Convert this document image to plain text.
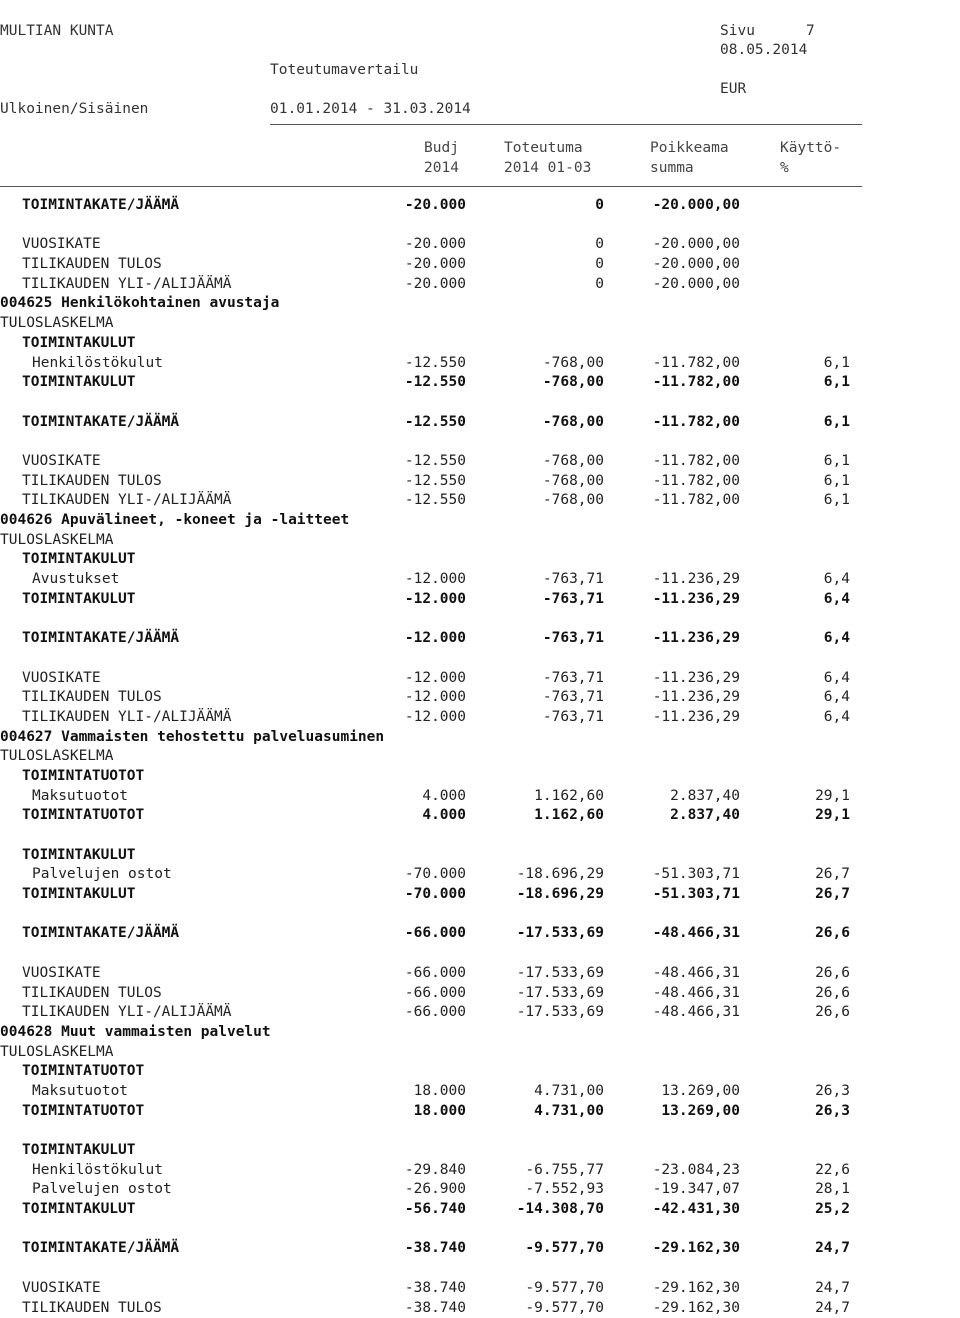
MULTIAN KUNTA
Toteutumavertailu
Sivu	7
08.05.2014
EUR
Ulkoinen/Sisäinen	01.01.2014 - 31.03.2014
Budj
2014
Toteutuma
2014 01-03
Poikkeama
summa
Käyttö-
%
TOIMINTAKATE/JÄÄMÄ	-20.000	0	-20.000,00
VUOSIKATE	-20.000	0	-20.000,00
TILIKAUDEN TULOS	-20.000	0	-20.000,00
TILIKAUDEN YLI-/ALIJÄÄMÄ	-20.000	0	-20.000,00
004625 Henkilökohtainen avustaja
TULOSLASKELMA
TOIMINTAKULUT
Henkilöstökulut	-12.550	-768,00	-11.782,00	6,1
TOIMINTAKULUT	-12.550	-768,00	-11.782,00	6,1
TOIMINTAKATE/JÄÄMÄ	-12.550	-768,00	-11.782,00	6,1
VUOSIKATE	-12.550	-768,00	-11.782,00	6,1
TILIKAUDEN TULOS	-12.550	-768,00	-11.782,00	6,1
TILIKAUDEN YLI-/ALIJÄÄMÄ	-12.550	-768,00	-11.782,00	6,1
004626 Apuvälineet, -koneet ja -laitteet
TULOSLASKELMA
TOIMINTAKULUT
Avustukset	-12.000	-763,71	-11.236,29	6,4
TOIMINTAKULUT	-12.000	-763,71	-11.236,29	6,4
TOIMINTAKATE/JÄÄMÄ	-12.000	-763,71	-11.236,29	6,4
VUOSIKATE	-12.000	-763,71	-11.236,29	6,4
TILIKAUDEN TULOS	-12.000	-763,71	-11.236,29	6,4
TILIKAUDEN YLI-/ALIJÄÄMÄ	-12.000	-763,71	-11.236,29	6,4
004627 Vammaisten tehostettu palveluasuminen
TULOSLASKELMA
TOIMINTATUOTOT
Maksutuotot	4.000	1.162,60	2.837,40	29,1
TOIMINTATUOTOT	4.000	1.162,60	2.837,40	29,1
TOIMINTAKULUT
Palvelujen ostot	-70.000	-18.696,29	-51.303,71	26,7
TOIMINTAKULUT	-70.000	-18.696,29	-51.303,71	26,7
TOIMINTAKATE/JÄÄMÄ	-66.000	-17.533,69	-48.466,31	26,6
VUOSIKATE	-66.000	-17.533,69	-48.466,31	26,6
TILIKAUDEN TULOS	-66.000	-17.533,69	-48.466,31	26,6
TILIKAUDEN YLI-/ALIJÄÄMÄ	-66.000	-17.533,69	-48.466,31	26,6
004628 Muut vammaisten palvelut
TULOSLASKELMA
TOIMINTATUOTOT
Maksutuotot	18.000	4.731,00	13.269,00	26,3
TOIMINTATUOTOT	18.000	4.731,00	13.269,00	26,3
TOIMINTAKULUT
Henkilöstökulut	-29.840	-6.755,77	-23.084,23	22,6
Palvelujen ostot	-26.900	-7.552,93	-19.347,07	28,1
TOIMINTAKULUT	-56.740	-14.308,70	-42.431,30	25,2
TOIMINTAKATE/JÄÄMÄ	-38.740	-9.577,70	-29.162,30	24,7
VUOSIKATE	-38.740	-9.577,70	-29.162,30	24,7
TILIKAUDEN TULOS	-38.740	-9.577,70	-29.162,30	24,7
